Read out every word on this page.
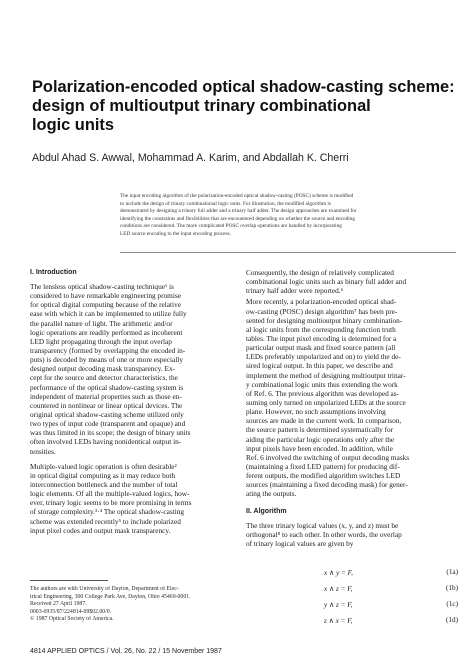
Polarization-encoded optical shadow-casting scheme:
design of multioutput trinary combinational
logic units
Abdul Ahad S. Awwal, Mohammad A. Karim, and Abdallah K. Cherri
The input encoding algorithm of the polarization-encoded optical shadow-casting (POSC) scheme is modified
to include the design of trinary combinational logic units. For illustration, the modified algorithm is
demonstrated by designing a trinary full adder and a trinary half adder. The design approaches are examined for
identifying the constraints and flexibilities that are encountered depending on whether the source and encoding
conditions are considered. The more complicated POSC overlap operations are handled by incorporating
LED source encoding to the input encoding process.
I. Introduction
The lensless optical shadow-casting technique¹ is
considered to have remarkable engineering promise
for optical digital computing because of the relative
ease with which it can be implemented to utilize fully
the parallel nature of light. The arithmetic and/or
logic operations are readily performed as incoherent
LED light propagating through the input overlap
transparency (formed by overlapping the encoded in-
puts) is decoded by means of one or more especially
designed output decoding mask transparency. Ex-
cept for the source and detector characteristics, the
performance of the optical shadow-casting system is
independent of material properties such as those en-
countered in nonlinear or linear optical devices. The
original optical shadow-casting scheme utilized only
two types of input code (transparent and opaque) and
was thus limited in its scope; the design of binary units
often involved LEDs having nonidentical output in-
tensities.
Multiple-valued logic operation is often desirable²
in optical digital computing as it may reduce both
interconnection bottleneck and the number of total
logic elements. Of all the multiple-valued logics, how-
ever, trinary logic seems to be more promising in terms
of storage complexity.³·⁴ The optical shadow-casting
scheme was extended recently⁵ to include polarized
input pixel codes and output mask transparency.
Consequently, the design of relatively complicated
combinational logic units such as binary full adder and
trinary half adder were reported.⁶
More recently, a polarization-encoded optical shad-
ow-casting (POSC) design algorithm⁷ has been pre-
sented for designing multioutput binary combination-
al logic units from the corresponding function truth
tables. The input pixel encoding is determined for a
particular output mask and fixed source pattern (all
LEDs preferably unpolarized and on) to yield the de-
sired logical output. In this paper, we describe and
implement the method of designing multioutput trinar-
y combinational logic units thus extending the work
of Ref. 6. The previous algorithm was developed as-
suming only turned on unpolarized LEDs at the source
plane. However, no such assumptions involving
sources are made in the current work. In comparison,
the source pattern is determined systematically for
aiding the particular logic operations only after the
input pixels have been encoded. In addition, while
Ref. 6 involved the switching of output decoding masks
(maintaining a fixed LED pattern) for producing dif-
ferent outputs, the modified algorithm switches LED
sources (maintaining a fixed decoding mask) for gener-
ating the outputs.
II. Algorithm
The three trinary logical values (x, y, and z) must be
orthogonal⁸ to each other. In other words, the overlap
of trinary logical values are given by
x ∧ y = F,	(1a)
x ∧ z = F,	(1b)
y ∧ z = F,	(1c)
z ∧ x = F,	(1d)
The authors are with University of Dayton, Department of Elec-
trical Engineering, 300 College Park Ave, Dayton, Ohio 45469-0001.
Received 27 April 1987.
0003-6935/87/224814-09$02.00/0.
© 1987 Optical Society of America.
4814 APPLIED OPTICS / Vol. 26, No. 22 / 15 November 1987
